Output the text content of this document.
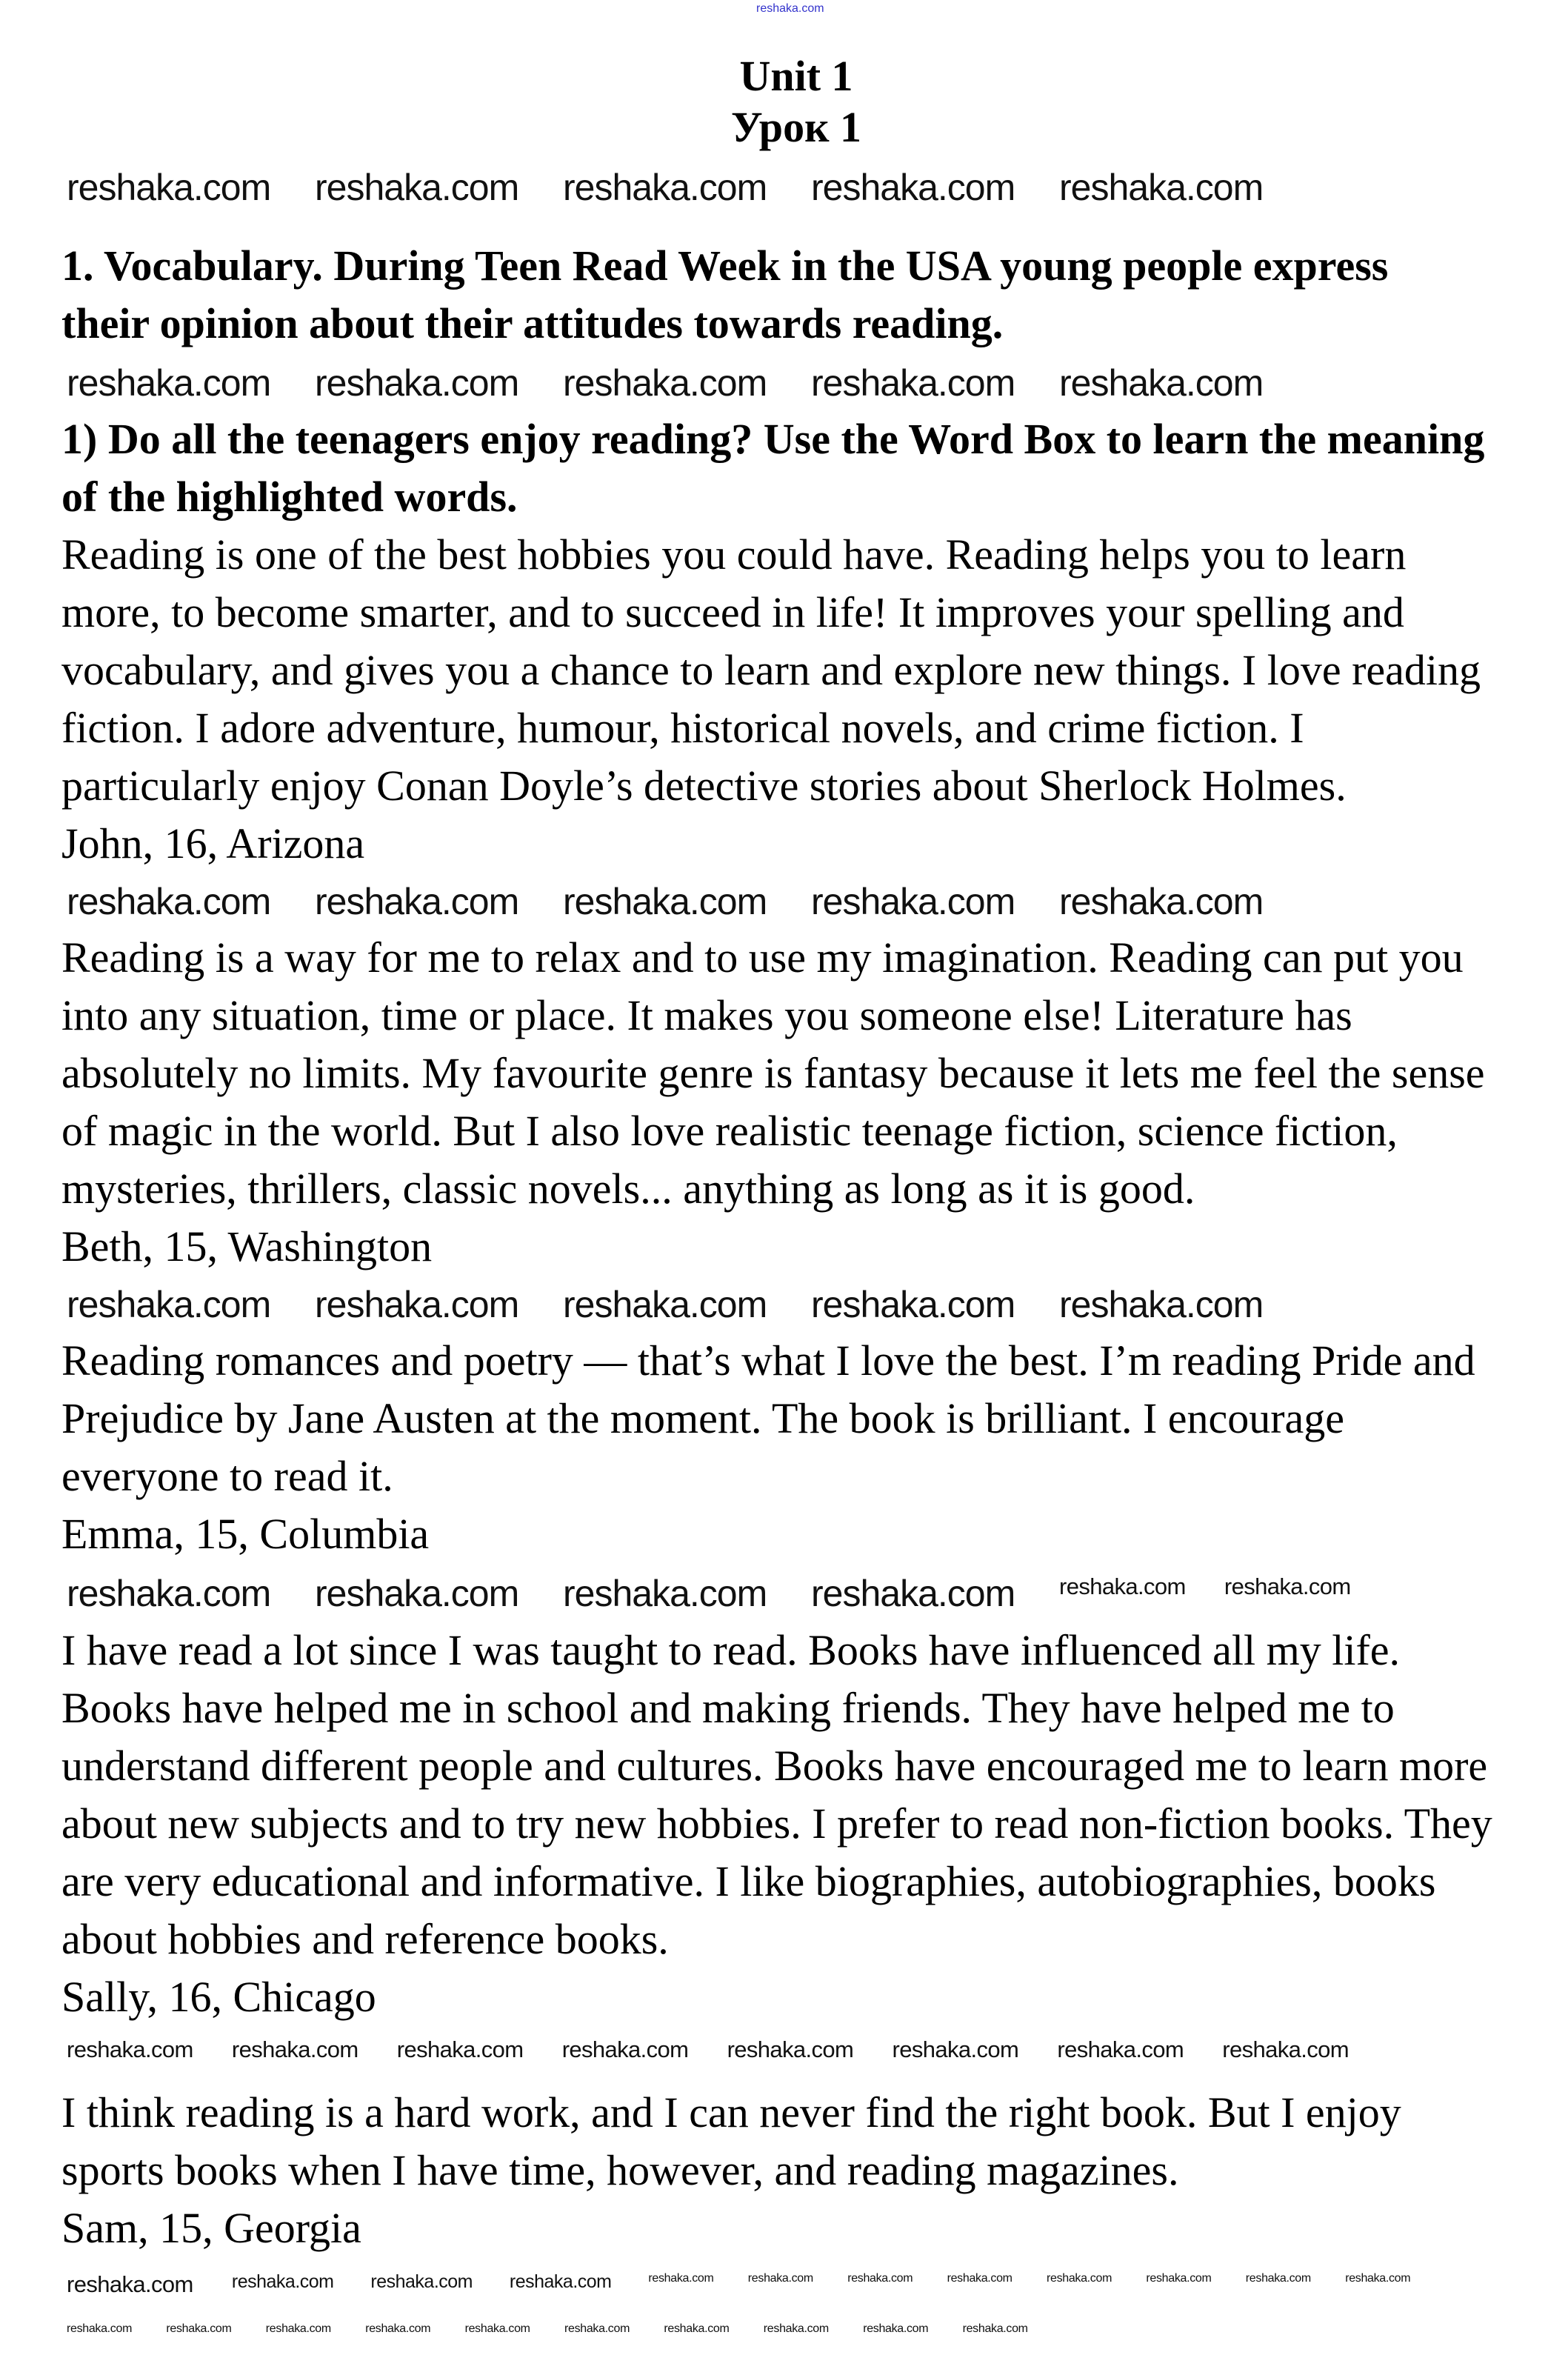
reshaka.com
Unit 1
Урок 1
1. Vocabulary. During Teen Read Week in the USA young people express
their opinion about their attitudes towards reading.
1) Do all the teenagers enjoy reading? Use the Word Box to learn the meaning
of the highlighted words.
Reading is one of the best hobbies you could have. Reading helps you to learn
more, to become smarter, and to succeed in life! It improves your spelling and
vocabulary, and gives you a chance to learn and explore new things. I love reading
fiction. I adore adventure, humour, historical novels, and crime fiction. I
particularly enjoy Conan Doyle’s detective stories about Sherlock Holmes.
John, 16, Arizona
Reading is a way for me to relax and to use my imagination. Reading can put you
into any situation, time or place. It makes you someone else! Literature has
absolutely no limits. My favourite genre is fantasy because it lets me feel the sense
of magic in the world. But I also love realistic teenage fiction, science fiction,
mysteries, thrillers, classic novels... anything as long as it is good.
Beth, 15, Washington
Reading romances and poetry — that’s what I love the best. I’m reading Pride and
Prejudice by Jane Austen at the moment. The book is brilliant. I encourage
everyone to read it.
Emma, 15, Columbia
I have read a lot since I was taught to read. Books have influenced all my life.
Books have helped me in school and making friends. They have helped me to
understand different people and cultures. Books have encouraged me to learn more
about new subjects and to try new hobbies. I prefer to read non-fiction books. They
are very educational and informative. I like biographies, autobiographies, books
about hobbies and reference books.
Sally, 16, Chicago
I think reading is a hard work, and I can never find the right book. But I enjoy
sports books when I have time, however, and reading magazines.
Sam, 15, Georgia
reshaka.com reshaka.com reshaka.com reshaka.com reshaka.com
reshaka.com reshaka.com reshaka.com reshaka.com reshaka.com
reshaka.com reshaka.com reshaka.com reshaka.com reshaka.com
reshaka.com reshaka.com reshaka.com reshaka.com reshaka.com
reshaka.com reshaka.com reshaka.com reshaka.com reshaka.com reshaka.com
reshaka.com reshaka.com reshaka.com reshaka.com reshaka.com reshaka.com reshaka.com reshaka.com
reshaka.com reshaka.com reshaka.com reshaka.com	reshaka.com	reshaka.com	reshaka.com	reshaka.com	reshaka.com	reshaka.com	reshaka.com	reshaka.com
reshaka.com	reshaka.com	reshaka.com	reshaka.com	reshaka.com	reshaka.com	reshaka.com	reshaka.com	reshaka.com	reshaka.com
